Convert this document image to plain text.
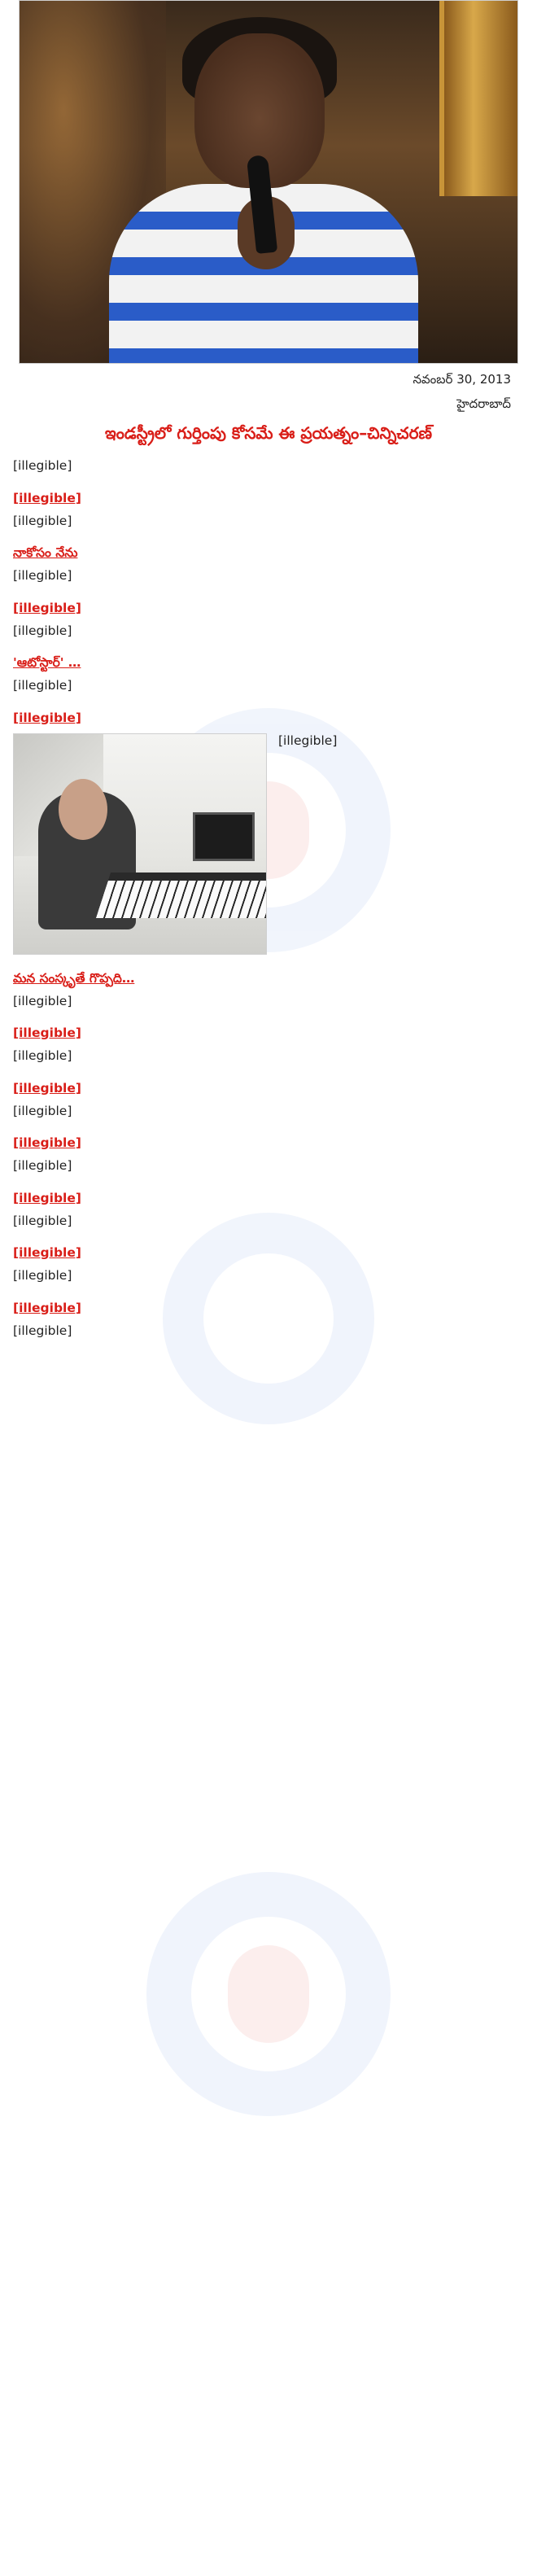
నవంబర్ 30, 2013
హైదరాబాద్
ఇండస్ట్రీలో గుర్తింపు కోసమే ఈ ప్రయత్నం–చిన్నిచరణ్

[illegible]

[illegible]

[illegible]

నాకోసం నేను

[illegible]

[illegible]

[illegible]

'ఆటోస్టార్' …

[illegible]

[illegible]

[illegible]

మన సంస్కృతే గొప్పది…

[illegible]

[illegible]

[illegible]

[illegible]

[illegible]

[illegible]

[illegible]

[illegible]

[illegible]

[illegible]

[illegible]

[illegible]

[illegible]
